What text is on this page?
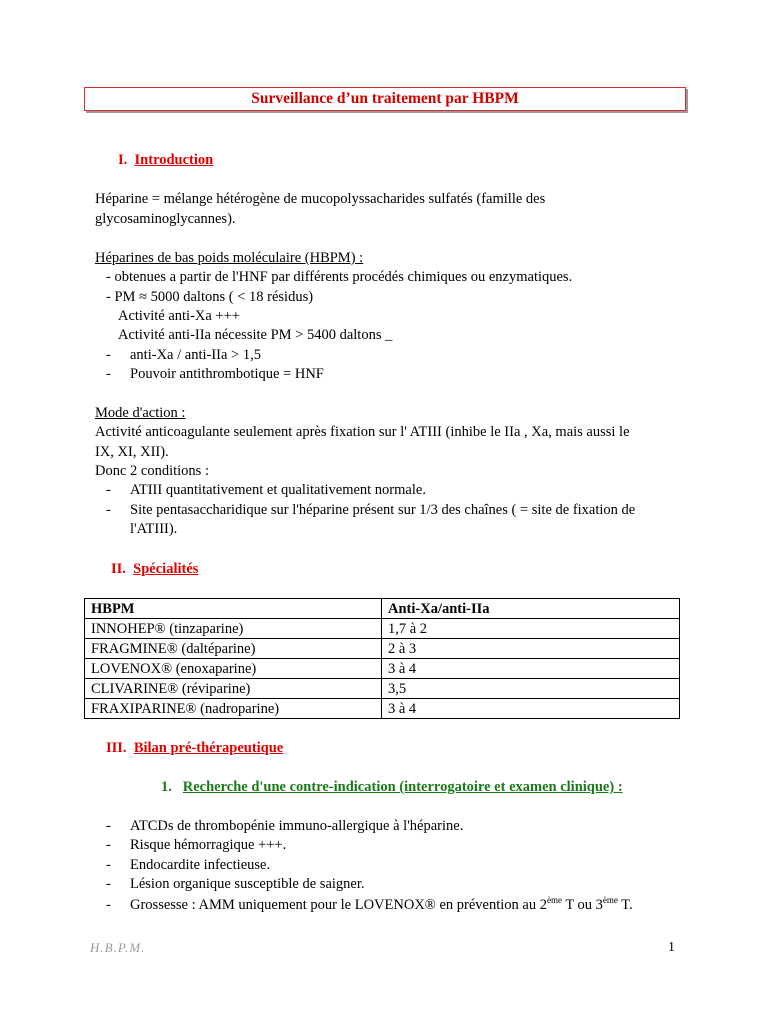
Surveillance d’un traitement par HBPM
I. Introduction
Héparine = mélange hétérogène de mucopolyssacharides sulfatés (famille des
glycosaminoglycannes).
Héparines de bas poids moléculaire (HBPM) :
- obtenues a partir de l'HNF par différents procédés chimiques ou enzymatiques.
- PM ≈ 5000 daltons ( < 18 résidus)
Activité anti-Xa +++
Activité anti-IIa nécessite PM > 5400 daltons _
- anti-Xa / anti-IIa > 1,5
- Pouvoir antithrombotique = HNF
Mode d'action :
Activité anticoagulante seulement après fixation sur l' ATIII (inhibe le IIa , Xa, mais aussi le
IX, XI, XII).
Donc 2 conditions :
- ATIII quantitativement et qualitativement normale.
- Site pentasaccharidique sur l'héparine présent sur 1/3 des chaînes ( = site de fixation de
l'ATIII).
II. Spécialités
HBPM	Anti-Xa/anti-IIa
INNOHEP® (tinzaparine)	1,7 à 2
FRAGMINE® (daltéparine)	2 à 3
LOVENOX® (enoxaparine)	3 à 4
CLIVARINE® (réviparine)	3,5
FRAXIPARINE® (nadroparine)	3 à 4
III. Bilan pré-thérapeutique
1. Recherche d'une contre-indication (interrogatoire et examen clinique) :
- ATCDs de thrombopénie immuno-allergique à l'héparine.
- Risque hémorragique +++.
- Endocardite infectieuse.
- Lésion organique susceptible de saigner.
- Grossesse : AMM uniquement pour le LOVENOX® en prévention au 2ème T ou 3ème T.
H.B.P.M.	1
